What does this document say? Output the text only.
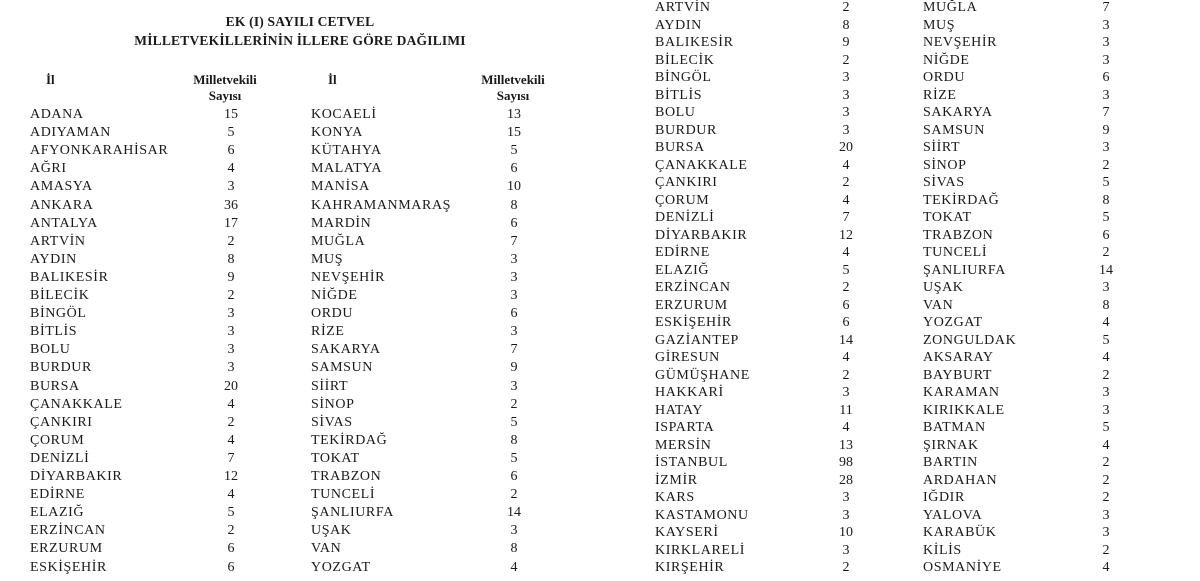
EK (I) SAYILI CETVEL
MİLLETVEKİLLERİNİN İLLERE GÖRE DAĞILIMI
İl	Milletvekili
Sayısı
İl	Milletvekili
Sayısı
ADANA	15
ADIYAMAN	5
AFYONKARAHİSAR	6
AĞRI	4
AMASYA	3
ANKARA	36
ANTALYA	17
ARTVİN	2
AYDIN	8
BALIKESİR	9
BİLECİK	2
BİNGÖL	3
BİTLİS	3
BOLU	3
BURDUR	3
BURSA	20
ÇANAKKALE	4
ÇANKIRI	2
ÇORUM	4
DENİZLİ	7
DİYARBAKIR	12
EDİRNE	4
ELAZIĞ	5
ERZİNCAN	2
ERZURUM	6
ESKİŞEHİR	6
KOCAELİ	13
KONYA	15
KÜTAHYA	5
MALATYA	6
MANİSA	10
KAHRAMANMARAŞ	8
MARDİN	6
MUĞLA	7
MUŞ	3
NEVŞEHİR	3
NİĞDE	3
ORDU	6
RİZE	3
SAKARYA	7
SAMSUN	9
SİİRT	3
SİNOP	2
SİVAS	5
TEKİRDAĞ	8
TOKAT	5
TRABZON	6
TUNCELİ	2
ŞANLIURFA	14
UŞAK	3
VAN	8
YOZGAT	4
ARTVİN	2
AYDIN	8
BALIKESİR	9
BİLECİK	2
BİNGÖL	3
BİTLİS	3
BOLU	3
BURDUR	3
BURSA	20
ÇANAKKALE	4
ÇANKIRI	2
ÇORUM	4
DENİZLİ	7
DİYARBAKIR	12
EDİRNE	4
ELAZIĞ	5
ERZİNCAN	2
ERZURUM	6
ESKİŞEHİR	6
GAZİANTEP	14
GİRESUN	4
GÜMÜŞHANE	2
HAKKARİ	3
HATAY	11
ISPARTA	4
MERSİN	13
İSTANBUL	98
İZMİR	28
KARS	3
KASTAMONU	3
KAYSERİ	10
KIRKLARELİ	3
KIRŞEHİR	2
MUĞLA	7
MUŞ	3
NEVŞEHİR	3
NİĞDE	3
ORDU	6
RİZE	3
SAKARYA	7
SAMSUN	9
SİİRT	3
SİNOP	2
SİVAS	5
TEKİRDAĞ	8
TOKAT	5
TRABZON	6
TUNCELİ	2
ŞANLIURFA	14
UŞAK	3
VAN	8
YOZGAT	4
ZONGULDAK	5
AKSARAY	4
BAYBURT	2
KARAMAN	3
KIRIKKALE	3
BATMAN	5
ŞIRNAK	4
BARTIN	2
ARDAHAN	2
IĞDIR	2
YALOVA	3
KARABÜK	3
KİLİS	2
OSMANİYE	4
